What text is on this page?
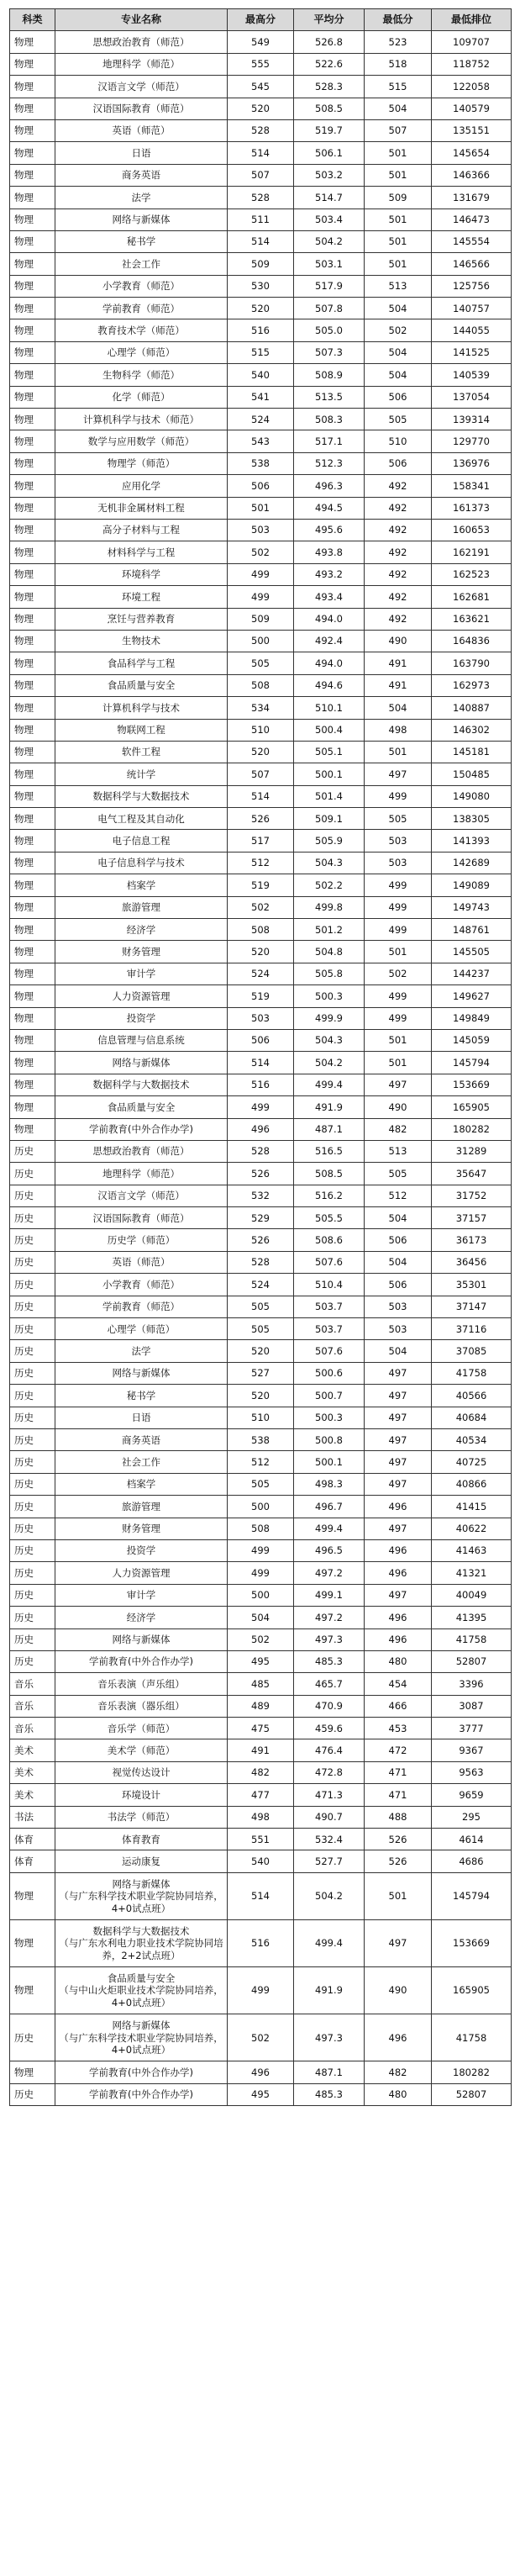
科类	专业名称	最高分	平均分	最低分	最低排位
物理	思想政治教育（师范）	549	526.8	523	109707
物理	地理科学（师范）	555	522.6	518	118752
物理	汉语言文学（师范）	545	528.3	515	122058
物理	汉语国际教育（师范）	520	508.5	504	140579
物理	英语（师范）	528	519.7	507	135151
物理	日语	514	506.1	501	145654
物理	商务英语	507	503.2	501	146366
物理	法学	528	514.7	509	131679
物理	网络与新媒体	511	503.4	501	146473
物理	秘书学	514	504.2	501	145554
物理	社会工作	509	503.1	501	146566
物理	小学教育（师范）	530	517.9	513	125756
物理	学前教育（师范）	520	507.8	504	140757
物理	教育技术学（师范）	516	505.0	502	144055
物理	心理学（师范）	515	507.3	504	141525
物理	生物科学（师范）	540	508.9	504	140539
物理	化学（师范）	541	513.5	506	137054
物理	计算机科学与技术（师范）	524	508.3	505	139314
物理	数学与应用数学（师范）	543	517.1	510	129770
物理	物理学（师范）	538	512.3	506	136976
物理	应用化学	506	496.3	492	158341
物理	无机非金属材料工程	501	494.5	492	161373
物理	高分子材料与工程	503	495.6	492	160653
物理	材料科学与工程	502	493.8	492	162191
物理	环境科学	499	493.2	492	162523
物理	环境工程	499	493.4	492	162681
物理	烹饪与营养教育	509	494.0	492	163621
物理	生物技术	500	492.4	490	164836
物理	食品科学与工程	505	494.0	491	163790
物理	食品质量与安全	508	494.6	491	162973
物理	计算机科学与技术	534	510.1	504	140887
物理	物联网工程	510	500.4	498	146302
物理	软件工程	520	505.1	501	145181
物理	统计学	507	500.1	497	150485
物理	数据科学与大数据技术	514	501.4	499	149080
物理	电气工程及其自动化	526	509.1	505	138305
物理	电子信息工程	517	505.9	503	141393
物理	电子信息科学与技术	512	504.3	503	142689
物理	档案学	519	502.2	499	149089
物理	旅游管理	502	499.8	499	149743
物理	经济学	508	501.2	499	148761
物理	财务管理	520	504.8	501	145505
物理	审计学	524	505.8	502	144237
物理	人力资源管理	519	500.3	499	149627
物理	投资学	503	499.9	499	149849
物理	信息管理与信息系统	506	504.3	501	145059
物理	网络与新媒体	514	504.2	501	145794
物理	数据科学与大数据技术	516	499.4	497	153669
物理	食品质量与安全	499	491.9	490	165905
物理	学前教育(中外合作办学)	496	487.1	482	180282
历史	思想政治教育（师范）	528	516.5	513	31289
历史	地理科学（师范）	526	508.5	505	35647
历史	汉语言文学（师范）	532	516.2	512	31752
历史	汉语国际教育（师范）	529	505.5	504	37157
历史	历史学（师范）	526	508.6	506	36173
历史	英语（师范）	528	507.6	504	36456
历史	小学教育（师范）	524	510.4	506	35301
历史	学前教育（师范）	505	503.7	503	37147
历史	心理学（师范）	505	503.7	503	37116
历史	法学	520	507.6	504	37085
历史	网络与新媒体	527	500.6	497	41758
历史	秘书学	520	500.7	497	40566
历史	日语	510	500.3	497	40684
历史	商务英语	538	500.8	497	40534
历史	社会工作	512	500.1	497	40725
历史	档案学	505	498.3	497	40866
历史	旅游管理	500	496.7	496	41415
历史	财务管理	508	499.4	497	40622
历史	投资学	499	496.5	496	41463
历史	人力资源管理	499	497.2	496	41321
历史	审计学	500	499.1	497	40049
历史	经济学	504	497.2	496	41395
历史	网络与新媒体	502	497.3	496	41758
历史	学前教育(中外合作办学)	495	485.3	480	52807
音乐	音乐表演（声乐组）	485	465.7	454	3396
音乐	音乐表演（器乐组）	489	470.9	466	3087
音乐	音乐学（师范）	475	459.6	453	3777
美术	美术学（师范）	491	476.4	472	9367
美术	视觉传达设计	482	472.8	471	9563
美术	环境设计	477	471.3	471	9659
书法	书法学（师范）	498	490.7	488	295
体育	体育教育	551	532.4	526	4614
体育	运动康复	540	527.7	526	4686
物理	网络与新媒体
（与广东科学技术职业学院协同培养，4+0试点班）	514	504.2	501	145794
物理	数据科学与大数据技术
（与广东水利电力职业技术学院协同培养，2+2试点班）	516	499.4	497	153669
物理	食品质量与安全
（与中山火炬职业技术学院协同培养，4+0试点班）	499	491.9	490	165905
历史	网络与新媒体
（与广东科学技术职业学院协同培养，4+0试点班）	502	497.3	496	41758
物理	学前教育(中外合作办学)	496	487.1	482	180282
历史	学前教育(中外合作办学)	495	485.3	480	52807
